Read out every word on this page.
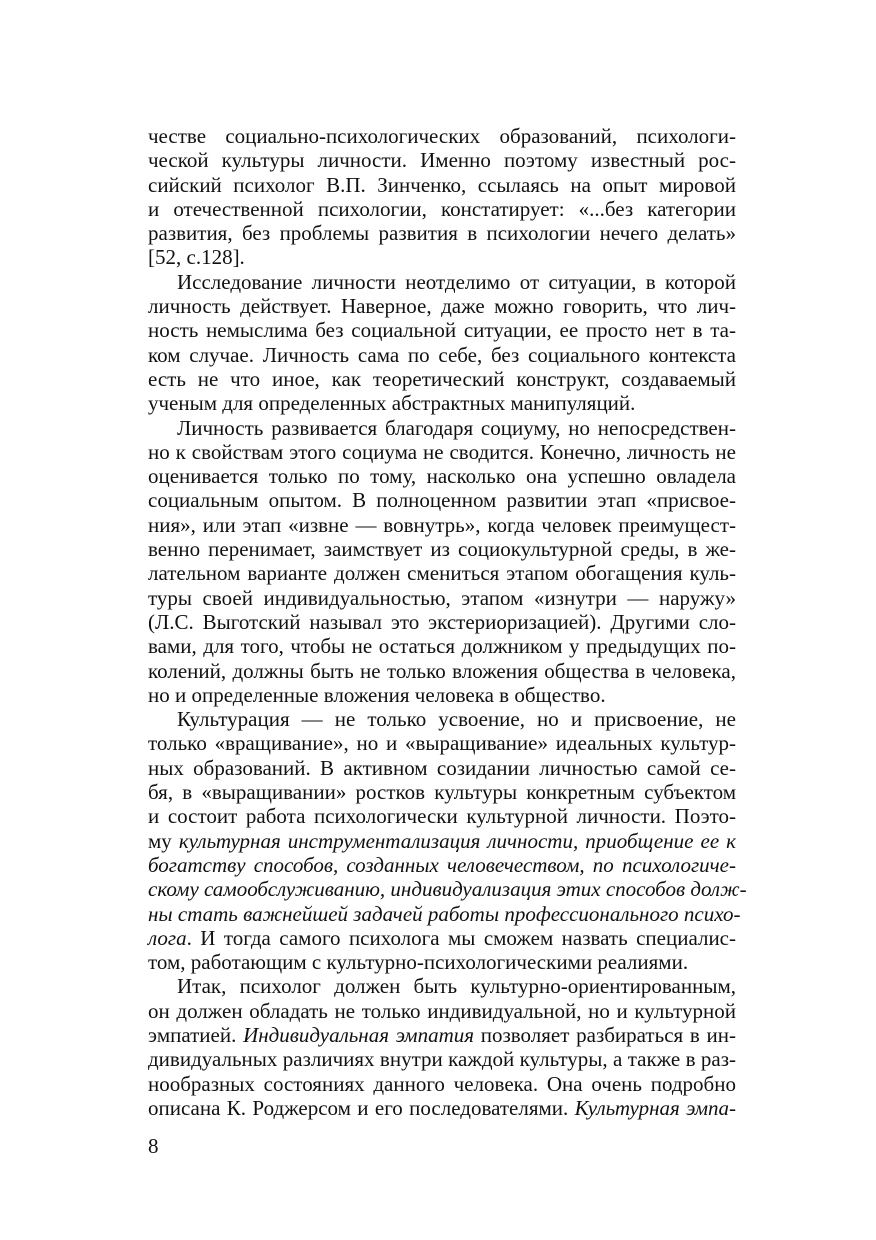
честве социально-психологических образований, психологи-
ческой культуры личности. Именно поэтому известный рос-
сийский психолог В.П. Зинченко, ссылаясь на опыт мировой
и отечественной психологии, констатирует: «...без категории
развития, без проблемы развития в психологии нечего делать»
[52, с.128].
Исследование личности неотделимо от ситуации, в которой
личность действует. Наверное, даже можно говорить, что лич-
ность немыслима без социальной ситуации, ее просто нет в та-
ком случае. Личность сама по себе, без социального контекста
есть не что иное, как теоретический конструкт, создаваемый
ученым для определенных абстрактных манипуляций.
Личность развивается благодаря социуму, но непосредствен-
но к свойствам этого социума не сводится. Конечно, личность не
оценивается только по тому, насколько она успешно овладела
социальным опытом. В полноценном развитии этап «присвое-
ния», или этап «извне — вовнутрь», когда человек преимущест-
венно перенимает, заимствует из социокультурной среды, в же-
лательном варианте должен смениться этапом обогащения куль-
туры своей индивидуальностью, этапом «изнутри — наружу»
(Л.С. Выготский называл это экстериоризацией). Другими сло-
вами, для того, чтобы не остаться должником у предыдущих по-
колений, должны быть не только вложения общества в человека,
но и определенные вложения человека в общество.
Культурация — не только усвоение, но и присвоение, не
только «вращивание», но и «выращивание» идеальных культур-
ных образований. В активном созидании личностью самой се-
бя, в «выращивании» ростков культуры конкретным субъектом
и состоит работа психологически культурной личности. Поэто-
му культурная инструментализация личности, приобщение ее к
богатству способов, созданных человечеством, по психологиче-
скому самообслуживанию, индивидуализация этих способов долж-
ны стать важнейшей задачей работы профессионального психо-
лога. И тогда самого психолога мы сможем назвать специалис-
том, работающим с культурно-психологическими реалиями.
Итак, психолог должен быть культурно-ориентированным,
он должен обладать не только индивидуальной, но и культурной
эмпатией. Индивидуальная эмпатия позволяет разбираться в ин-
дивидуальных различиях внутри каждой культуры, а также в раз-
нообразных состояниях данного человека. Она очень подробно
описана К. Роджерсом и его последователями. Культурная эмпа-
8
